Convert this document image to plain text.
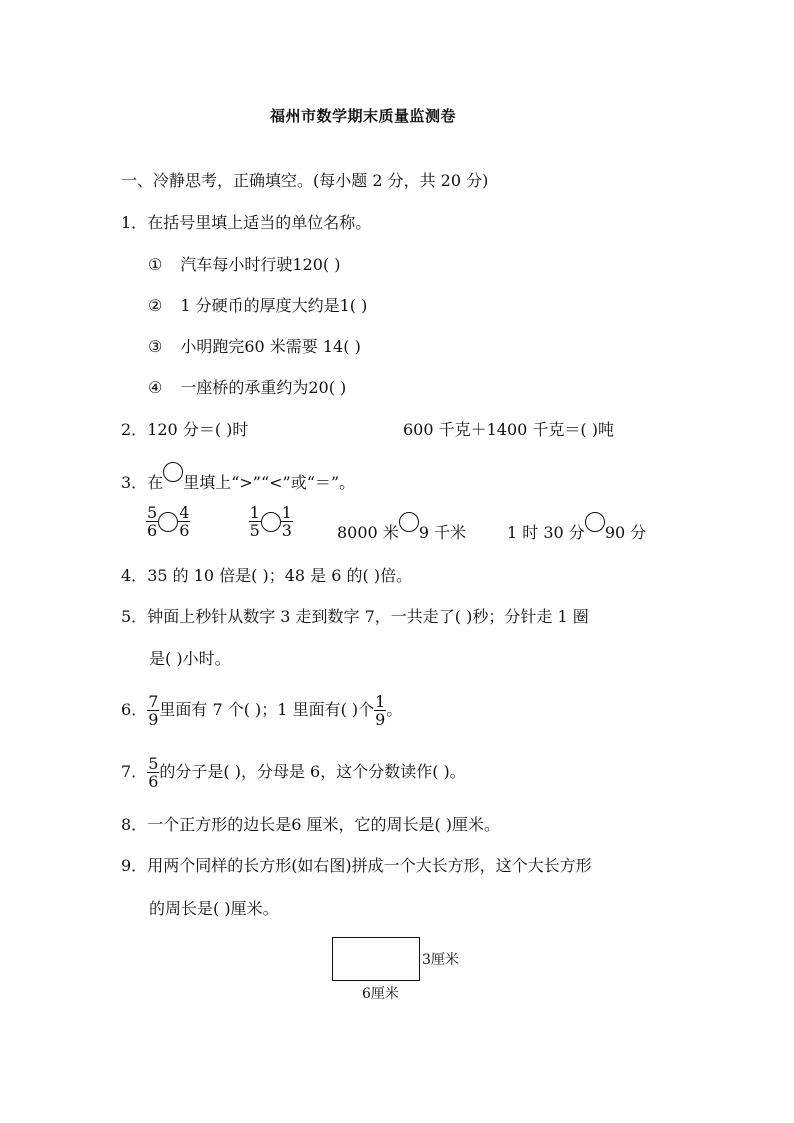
福州市数学期末质量监测卷
一、冷静思考，正确填空。(每小题 2 分，共 20 分)
1．在括号里填上适当的单位名称。
① 汽车每小时行驶120( )
② 1 分硬币的厚度大约是1( )
③ 小明跑完60 米需要 14( )
④ 一座桥的承重约为20( )
2．120 分＝( )时	600 千克＋1400 千克＝( )吨
3．在 里填上“>”“<”或“＝”。
$\frac{5}{6} \frac{4}{6}$
	$\frac{1}{5} \frac{1}{3}$	8000 米 9 千米	1 时 30 分 90 分
4．35 的 10 倍是( )；48 是 6 的( )倍。
5．钟面上秒针从数字 3 走到数字 7，一共走了( )秒；分针走 1 圈
是( )小时。
6． $\frac{7}{9}$ 里面有 7 个( )；1 里面有( )个 $\frac{1}{9}$ 。
7． $\frac{5}{6}$ 的分子是( )，分母是 6，这个分数读作( )。
8．一个正方形的边长是6 厘米，它的周长是( )厘米。
9．用两个同样的长方形(如右图)拼成一个大长方形，这个大长方形
的周长是( )厘米。
3厘米
6厘米
